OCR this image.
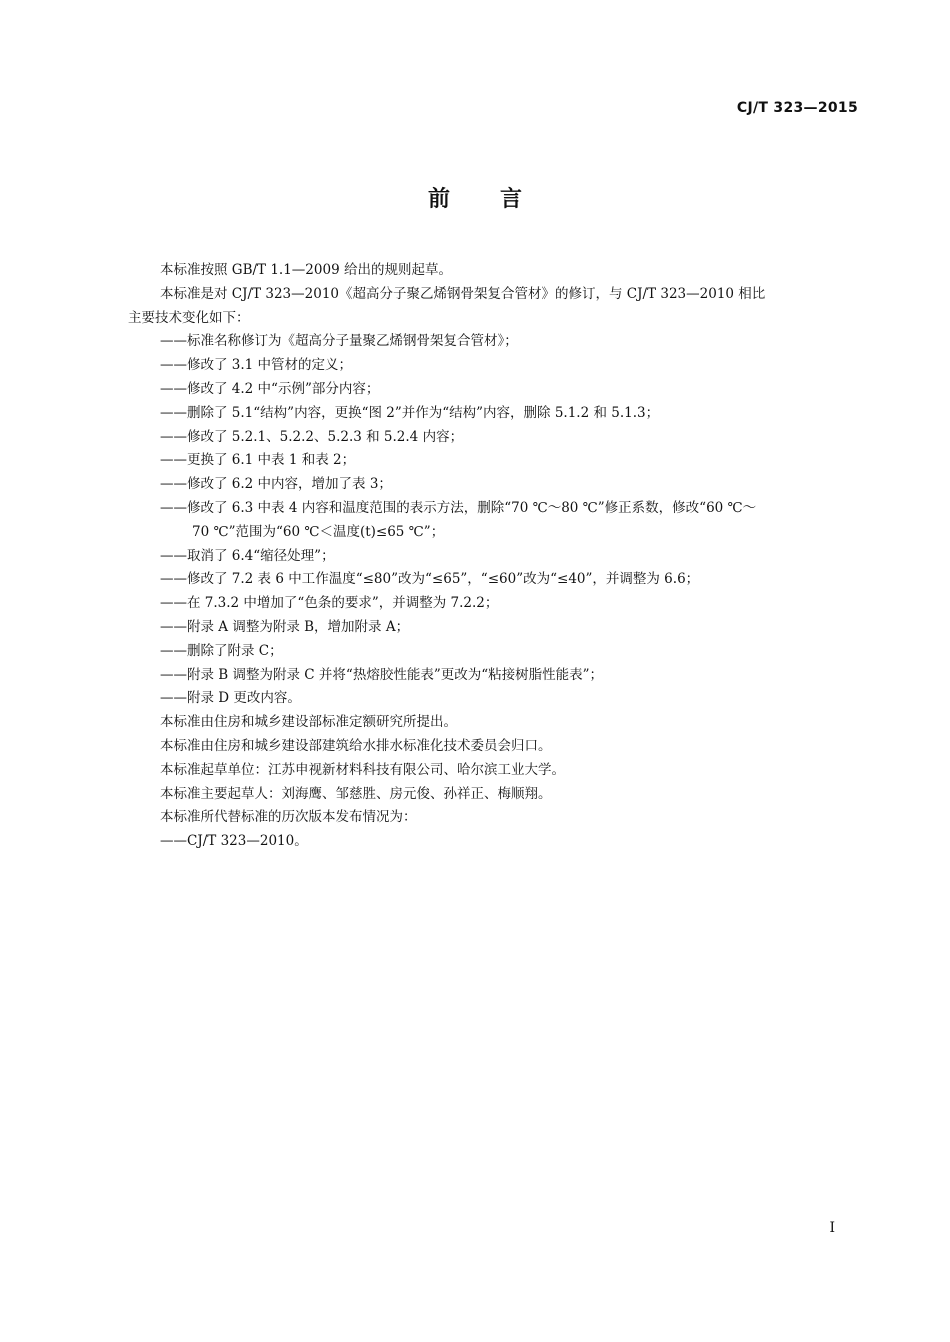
CJ/T 323—2015
前言

本标准按照 GB/T 1.1—2009 给出的规则起草。

本标准是对 CJ/T 323—2010《超高分子聚乙烯钢骨架复合管材》的修订，与 CJ/T 323—2010 相比

主要技术变化如下：

——标准名称修订为《超高分子量聚乙烯钢骨架复合管材》；

——修改了 3.1 中管材的定义；

——修改了 4.2 中“示例”部分内容；

——删除了 5.1“结构”内容，更换“图 2”并作为“结构”内容，删除 5.1.2 和 5.1.3；

——修改了 5.2.1、5.2.2、5.2.3 和 5.2.4 内容；

——更换了 6.1 中表 1 和表 2；

——修改了 6.2 中内容，增加了表 3；

——修改了 6.3 中表 4 内容和温度范围的表示方法，删除“70 ℃～80 ℃”修正系数，修改“60 ℃～

70 ℃”范围为“60 ℃＜温度(t)≤65 ℃”；

——取消了 6.4“缩径处理”；

——修改了 7.2 表 6 中工作温度“≤80”改为“≤65”，“≤60”改为“≤40”，并调整为 6.6；

——在 7.3.2 中增加了“色条的要求”，并调整为 7.2.2；

——附录 A 调整为附录 B，增加附录 A；

——删除了附录 C；

——附录 B 调整为附录 C 并将“热熔胶性能表”更改为“粘接树脂性能表”；

——附录 D 更改内容。

本标准由住房和城乡建设部标准定额研究所提出。

本标准由住房和城乡建设部建筑给水排水标准化技术委员会归口。

本标准起草单位：江苏申视新材料科技有限公司、哈尔滨工业大学。

本标准主要起草人：刘海鹰、邹慈胜、房元俊、孙祥正、梅顺翔。

本标准所代替标准的历次版本发布情况为：

——CJ/T 323—2010。

I
